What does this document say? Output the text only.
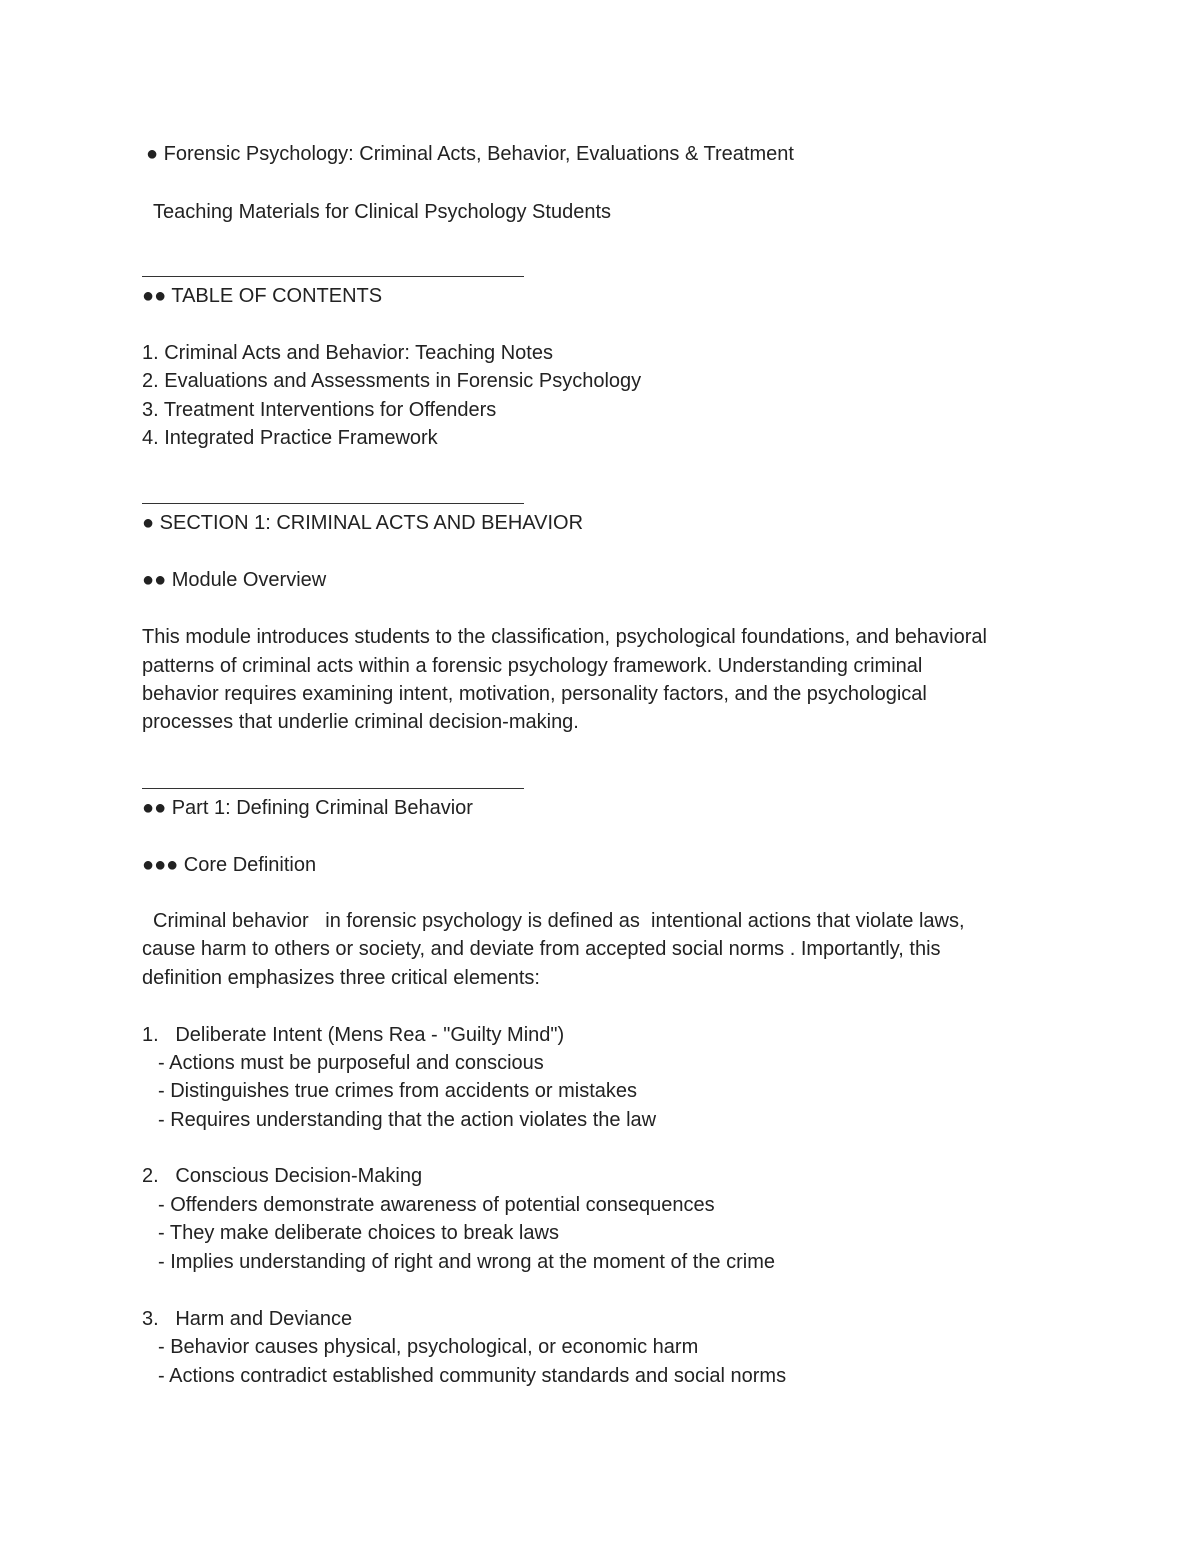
● Forensic Psychology: Criminal Acts, Behavior, Evaluations & Treatment
Teaching Materials for Clinical Psychology Students
●● TABLE OF CONTENTS
1. Criminal Acts and Behavior: Teaching Notes
2. Evaluations and Assessments in Forensic Psychology
3. Treatment Interventions for Offenders
4. Integrated Practice Framework
● SECTION 1: CRIMINAL ACTS AND BEHAVIOR
●● Module Overview
This module introduces students to the classification, psychological foundations, and behavioral
patterns of criminal acts within a forensic psychology framework. Understanding criminal
behavior requires examining intent, motivation, personality factors, and the psychological
processes that underlie criminal decision-making.
●● Part 1: Defining Criminal Behavior
●●● Core Definition
Criminal behavior   in forensic psychology is defined as  intentional actions that violate laws,
cause harm to others or society, and deviate from accepted social norms . Importantly, this
definition emphasizes three critical elements:
1.   Deliberate Intent (Mens Rea - "Guilty Mind")
- Actions must be purposeful and conscious
- Distinguishes true crimes from accidents or mistakes
- Requires understanding that the action violates the law
2.   Conscious Decision-Making
- Offenders demonstrate awareness of potential consequences
- They make deliberate choices to break laws
- Implies understanding of right and wrong at the moment of the crime
3.   Harm and Deviance
- Behavior causes physical, psychological, or economic harm
- Actions contradict established community standards and social norms
